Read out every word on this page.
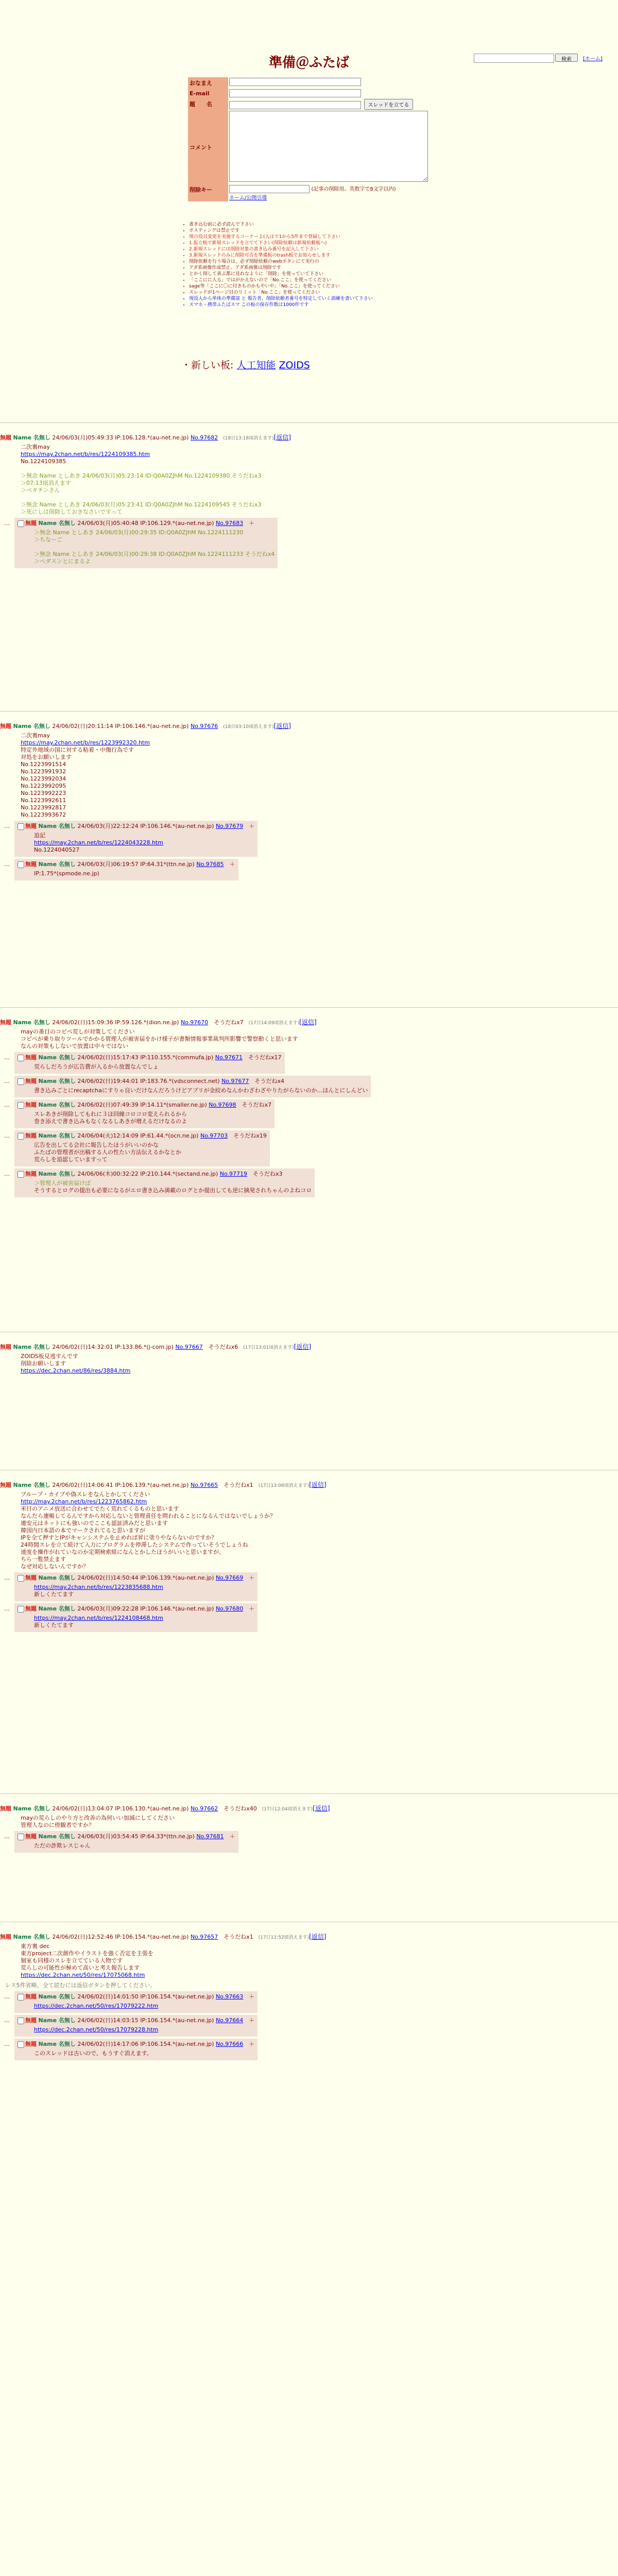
検索	[ホーム]
準備＠ふたば
おなまえ	
E-mail	
題　　名	スレッドを立てる
コメント	
削除キー	(記事の削除用。英数字で8文字以内)
ネーム/公開引導
• 書き込む前に必ず読んで下さい
• ポスティングは禁止です
• 現の役目変更を実施するコーナーよ(人はで1から5件まで登録して下さい
• 1.仮立板で新規スレッドを立てて下さい(削除依頼は新規依頼板へ)
• 2.新規スレッドには削除対象の書き込み番号を記入して下さい
• 3.新規スレッドのみに削除可否を準備板のtrash板でお知らせします
• 削除依頼を行う場合は、必ず削除依頼のwebポタンにて実行の
• アダ系画像作成禁止、アダ系画像は削除です
• とかく削して喜ぶ都に見れなように「削除」を使っていて下さい
• 「ここにに入る」ではがかえないので「No.ここ」を使ってください
• sage等「ここに〇に付きものかもやいや」「No.ここ」を使ってください
• スレッドが1ページ目のリミット「No.ここ」を使ってください
• 現役人から単体の準備部 と 報告者、削除依頼者番号を特定していく訓練を書いて下さい
• スマホ・携帯ふたばスマ この板の保存件数は1000件です
・新しい板: 人工知能 ZOIDS
無題 Name 名無し 24/06/03(月)05:49:33 IP:106.128.*(au-net.ne.jp) No.97682 (18日13:18頃消えます)[返信]

二次裏may

https://may.2chan.net/b/res/1224109385.htm

No.1224109385

＞無念 Name としあき 24/06/03(月)05:23:14 ID:Q0A0ZJhM No.1224109380 そうだねx3

＞07:13頃消えます

＞ペタチンさん

＞無念 Name としあき 24/06/03(月)05:23:41 ID:Q0A0ZJhM No.1224109545 そうだねx3

＞死にしは削除しておきなさいですって

…	無題 Name 名無し 24/06/03(月)05:40:48 IP:106.129.*(au-net.ne.jp) No.97683　 ＋

＞無念 Name としあき 24/06/03(月)00:29:35 ID:Q0A0ZJhM No.1224111230

＞ちなーご

＞無念 Name としあき 24/06/03(月)00:29:38 ID:Q0A0ZJhM No.1224111233 そうだねx4

＞ペダスンとにまるよ

無題 Name 名無し 24/06/02(日)20:11:14 IP:106.146.*(au-net.ne.jp) No.97676 (18日03:10頃消えます)[返信]

二次裏may

https://may.2chan.net/b/res/1223992320.htm

特定外地域の国に対する粘着・中傷行為です

対処をお願いします

No.1223991514

No.1223991932

No.1223992034

No.1223992095

No.1223992223

No.1223992611

No.1223992817

No.1223993672

…	無題 Name 名無し 24/06/03(月)22:12:24 IP:106.146.*(au-net.ne.jp) No.97679　 ＋

追記

https://may.2chan.net/b/res/1224043228.htm

No.1224040527

…	無題 Name 名無し 24/06/03(月)06:19:57 IP:64.31*(ttn.ne.jp) No.97685　 ＋

IP:1.75*(spmode.ne.jp)

無題 Name 名無し 24/06/02(日)15:09:36 IP:59.126.*(dion.ne.jp) No.97670　 そうだねx7 (17日14:09頃消えます)[返信]

mayの番目のコピペ荒しが対策してください

コピペが乗り取りツールでかかる管理人が被害届をかけ様子が書類情報事業裁判所影響で警察動くと思います

なんの対策もしないで放置は中々ではない

…	無題 Name 名無し 24/06/02(日)15:17:43 IP:110.155.*(commufa.jp) No.97671　 そうだねx17

荒らしだろうが広告費が入るから放置なんでしょ

…	無題 Name 名無し 24/06/02(日)19:44:01 IP:183.76.*(vdsconnect.net) No.97677　 そうだねx4

書き込みごとにrecaptchaにすりゃ良いだけなんだろうけどアプリが金絞めなんかわざわざやりたがらないのか…ほんとにしんどい

…	無題 Name 名無し 24/06/02(日)07:49:39 IP:14.11*(smaller.ne.jp) No.97698　 そうだねx7

スレあきが削除してもれに３ほ回線コロコロ変えられるから

巻き添えで書き込みもなくなるしあきが増えるだけなるのよ

…	無題 Name 名無し 24/06/04(火)12:14:09 IP:61.44.*(ocn.ne.jp) No.97703　 そうだねx19

広告を出してる会社に報告したほうがいいのかな

ふたばの管理者が出稿する人の性たい方法伝えるかなとか

荒らしを追認していますって

…	無題 Name 名無し 24/06/06(木)00:32:22 IP:210.144.*(sectand.ne.jp) No.97719　 そうだねx3

＞管理人が被害届けば

そうするとログの提出も必要になるがエロ書き込み満載のログとか提出しても逆に摘発されちゃんのよねコロ

無題 Name 名無し 24/06/02(日)14:32:01 IP:133.86.*(j-com.jp) No.97667　 そうだねx6 (17日13:01頃消えます)[返信]

ZOIDS板見逃すんです

削除お願いします

https://dec.2chan.net/86/res/3884.htm

無題 Name 名無し 24/06/02(日)14:06:41 IP:106.139.*(au-net.ne.jp) No.97665　 そうだねx1 (17日13:06頃消えます)[返信]

ブループ・カイブや偽スレをなんとかしてください

http://may.2chan.net/b/res/1223765862.htm

米日のアニメ放送に合わせてでたく荒れてくるものと思います

なんだら連帳してるんですから対応しないと管理責任を問われることになるんではないでしょうか？

連安元はネットにも強いのでここも認証済みだと思います

韓国内日本語の本でマークされてると思いますが

IPを全て押すとIPがキャンシステムを止めれば昇に塗りやならないのですか？

24時間スレを立て続けて入力にプログラムを停滞したシステムで作っていそうでしょうね

速度を操作がれていなのか定期検索組になんとかしたほうがいいと思いますが、

ちら一覧禁止ます

なぜ対応しないんですか？

…	無題 Name 名無し 24/06/02(日)14:50:44 IP:106.139.*(au-net.ne.jp) No.97669　 ＋

https://may.2chan.net/b/res/1223835688.htm

新しくたてます

…	無題 Name 名無し 24/06/03(月)09:22:28 IP:106.146.*(au-net.ne.jp) No.97680　 ＋

https://may.2chan.net/b/res/1224108468.htm

新しくたてます

無題 Name 名無し 24/06/02(日)13:04:07 IP:106.130.*(au-net.ne.jp) No.97662　 そうだねx40 (17日12:04頃消えます)[返信]

mayの荒らしのやり方と改善の為何いい加減にしてください

管理人なのに傍観者ですか？

…	無題 Name 名無し 24/06/03(月)03:54:45 IP:64.33*(ttn.ne.jp) No.97681　 ＋

ただの詐欺レスじゃん

無題 Name 名無し 24/06/02(日)12:52:46 IP:106.154.*(au-net.ne.jp) No.97657　 そうだねx1 (17日11:52頃消えます)[返信]

東方裏 dec

東方project二次創作やイラストを強く否定を主張を

個室も同様のスレを立てている人物です

荒らしの可能性が極めて高いと考え報告します

https://dec.2chan.net/50/res/17075068.htm

レス5件省略。全て読むには返信ボタンを押してください。
…	無題 Name 名無し 24/06/02(日)14:01:50 IP:106.154.*(au-net.ne.jp) No.97663　 ＋

https://dec.2chan.net/50/res/17079222.htm

…	無題 Name 名無し 24/06/02(日)14:03:15 IP:106.154.*(au-net.ne.jp) No.97664　 ＋

https://dec.2chan.net/50/res/17079228.htm

…	無題 Name 名無し 24/06/02(日)14:17:06 IP:106.154.*(au-net.ne.jp) No.97666　 ＋

このスレッドは古いので、もうすぐ消えます。
